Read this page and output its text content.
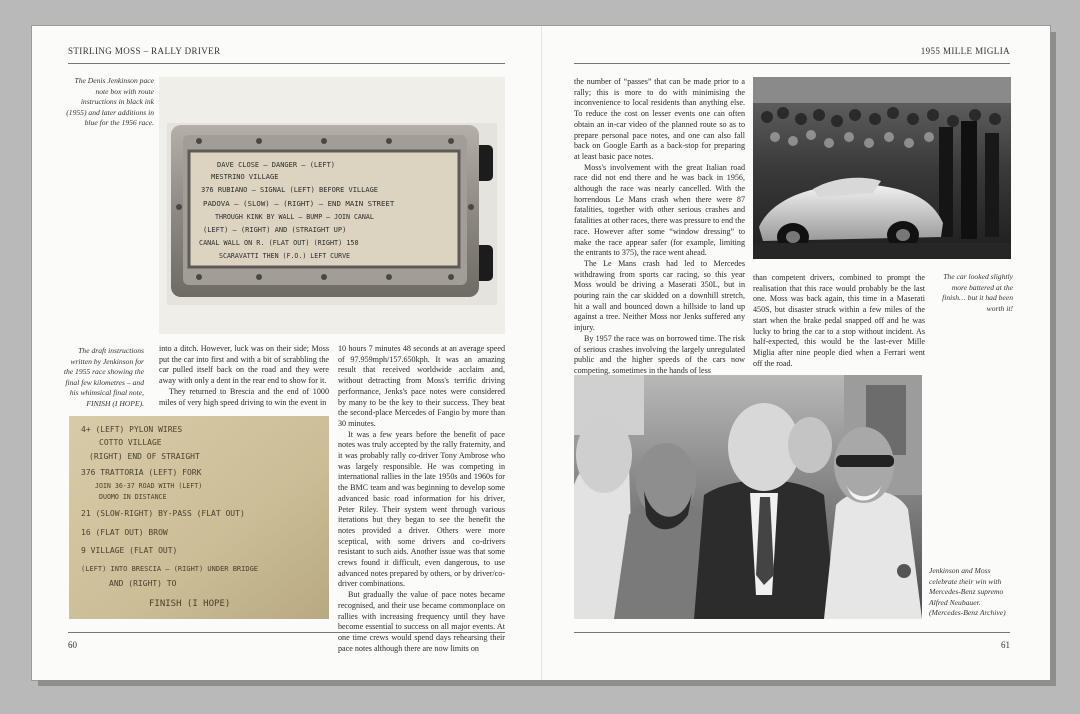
STIRLING MOSS – RALLY DRIVER
The Denis Jenkinson pace note box with route instructions in black ink (1955) and later additions in blue for the 1956 race.
DAVE CLOSE – DANGER – (LEFT)
MESTRINO VILLAGE
376 RUBIANO – SIGNAL (LEFT) BEFORE VILLAGE
PADOVA – (SLOW) – (RIGHT) – END MAIN STREET
THROUGH KINK BY WALL – BUMP – JOIN CANAL
(LEFT) – (RIGHT) AND (STRAIGHT UP)
CANAL WALL ON R. (FLAT OUT) (RIGHT) 150
SCARAVATTI THEN (F.O.) LEFT CURVE
The draft instructions written by Jenkinson for the 1955 race showing the final few kilometres – and his whimsical final note, FINISH (I HOPE).
4+ (LEFT) PYLON WIRES
COTTO VILLAGE
(RIGHT) END OF STRAIGHT
376 TRATTORIA (LEFT) FORK
JOIN 36-37 ROAD WITH (LEFT)
DUOMO IN DISTANCE
21 (SLOW-RIGHT) BY-PASS (FLAT OUT)
16 (FLAT OUT) BROW
9 VILLAGE (FLAT OUT)
(LEFT) INTO BRESCIA – (RIGHT) UNDER BRIDGE
AND (RIGHT) TO
FINISH (I HOPE)

into a ditch. However, luck was on their side; Moss put the car into first and with a bit of scrabbling the car pulled itself back on the road and they were away with only a dent in the rear end to show for it.

They returned to Brescia and the end of 1000 miles of very high speed driving to win the event in

10 hours 7 minutes 48 seconds at an average speed of 97.959mph/157.650kph. It was an amazing result that received worldwide acclaim and, without detracting from Moss's terrific driving performance, Jenks's pace notes were considered by many to be the key to their success. They beat the second-place Mercedes of Fangio by more than 30 minutes.

It was a few years before the benefit of pace notes was truly accepted by the rally fraternity, and it was probably rally co-driver Tony Ambrose who was largely responsible. He was competing in international rallies in the late 1950s and 1960s for the BMC team and was beginning to develop some advanced basic road information for his driver, Peter Riley. Their system went through various iterations but they began to see the benefit the notes provided a driver. Others were more sceptical, with some drivers and co-drivers resistant to such aids. Another issue was that some crews found it difficult, even dangerous, to use advanced notes prepared by others, or by driver/co-driver combinations.

But gradually the value of pace notes became recognised, and their use became commonplace on rallies with increasing frequency until they have become essential to success on all major events. At one time crews would spend days rehearsing their pace notes although there are now limits on

60
1955 MILLE MIGLIA

the number of “passes” that can be made prior to a rally; this is more to do with minimising the inconvenience to local residents than anything else. To reduce the cost on lesser events one can often obtain an in-car video of the planned route so as to prepare personal pace notes, and one can also fall back on Google Earth as a back-stop for preparing at least basic pace notes.

Moss's involvement with the great Italian road race did not end there and he was back in 1956, although the race was nearly cancelled. With the horrendous Le Mans crash when there were 87 fatalities, together with other serious crashes and fatalities at other races, there was pressure to end the race. However after some “window dressing” to make the race appear safer (for example, limiting the entrants to 375), the race went ahead.

The Le Mans crash had led to Mercedes withdrawing from sports car racing, so this year Moss would be driving a Maserati 350L, but in pouring rain the car skidded on a downhill stretch, hit a wall and bounced down a hillside to land up against a tree. Neither Moss nor Jenks suffered any injury.

By 1957 the race was on borrowed time. The risk of serious crashes involving the largely unregulated public and the higher speeds of the cars now competing, sometimes in the hands of less

The car looked slightly more battered at the finish… but it had been worth it!

than competent drivers, combined to prompt the realisation that this race would probably be the last one. Moss was back again, this time in a Maserati 450S, but disaster struck within a few miles of the start when the brake pedal snapped off and he was lucky to bring the car to a stop without incident. As half-expected, this would be the last-ever Mille Miglia after nine people died when a Ferrari went off the road.

Jenkinson and Moss celebrate their win with Mercedes-Benz supremo Alfred Neubauer. (Mercedes-Benz Archive)
61
